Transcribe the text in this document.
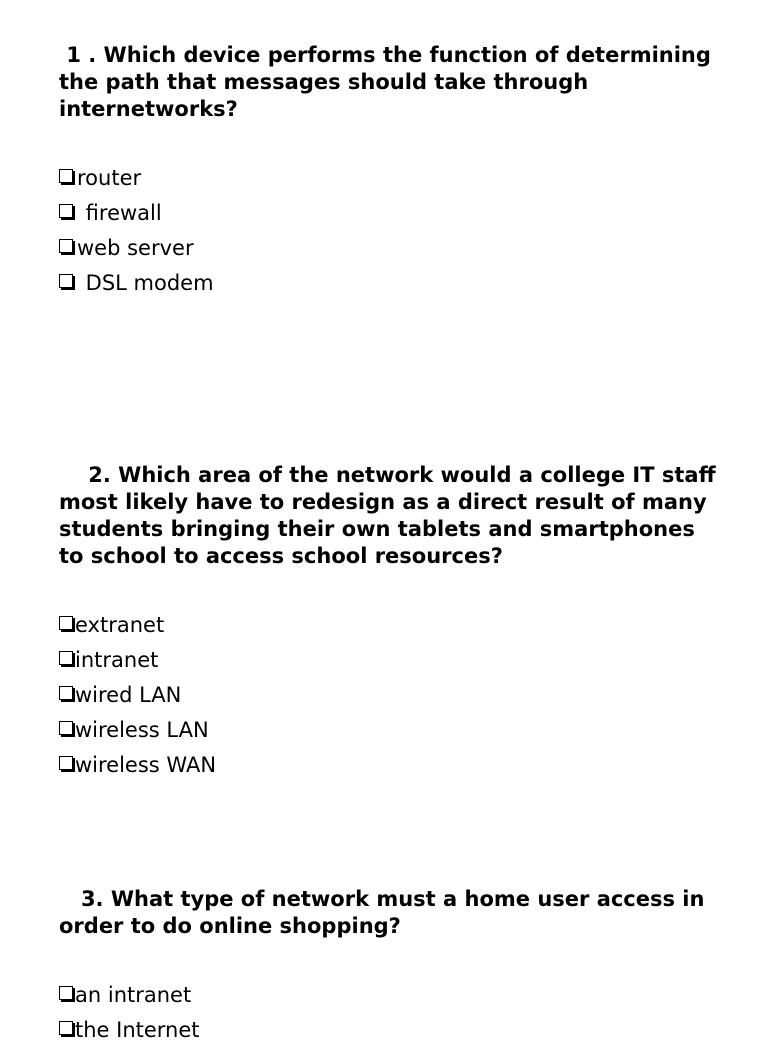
1 . Which device performs the function of determining the path that messages should take through internetworks?

router
firewall
web server
DSL modem

2. Which area of the network would a college IT staff most likely have to redesign as a direct result of many students bringing their own tablets and smartphones to school to access school resources?

extranet
intranet
wired LAN
wireless LAN
wireless WAN

3. What type of network must a home user access in order to do online shopping?

an intranet
the Internet
